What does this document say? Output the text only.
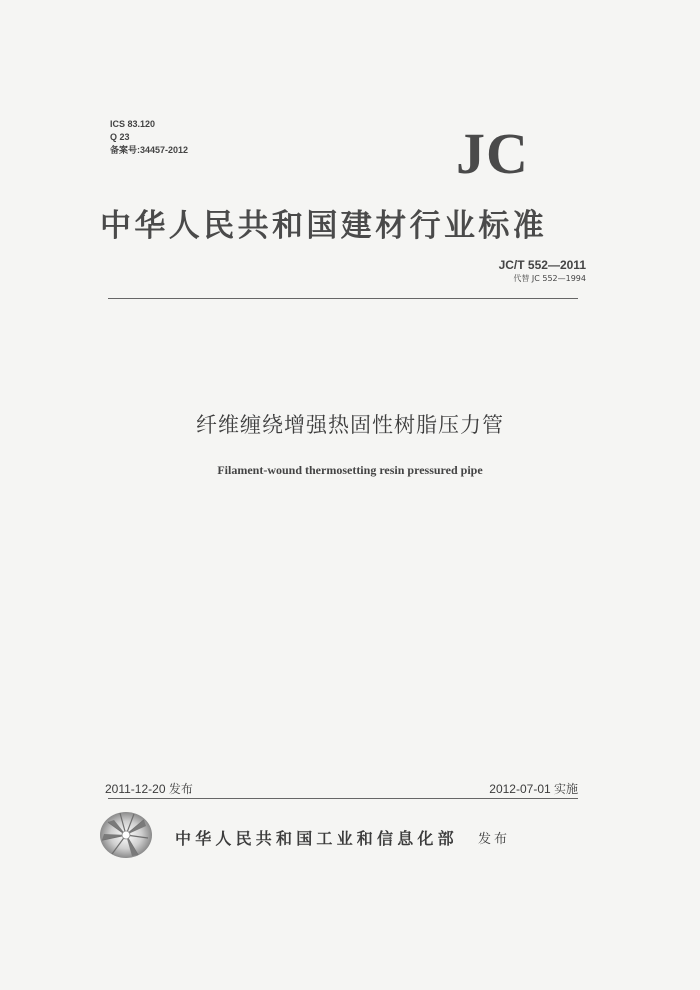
ICS 83.120
Q 23
备案号:34457-2012	JC
中华人民共和国建材行业标准
JC/T 552—2011
代替 JC 552—1994
纤维缠绕增强热固性树脂压力管
Filament-wound thermosetting resin pressured pipe
2011-12-20 发布	2012-07-01 实施
中华人民共和国工业和信息化部 发布
